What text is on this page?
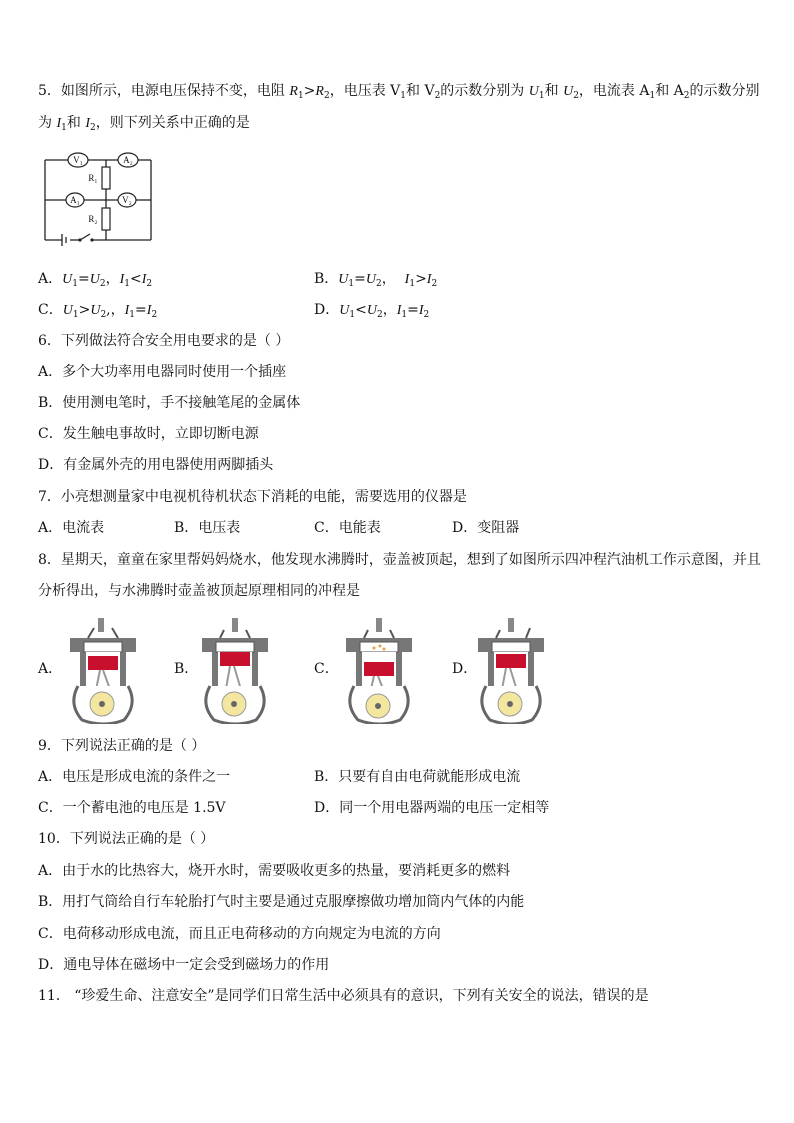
5．如图所示，电源电压保持不变，电阻 $R_1>R_2$，电压表 $V_1$和 $V_2$的示数分别为 $U_1$和 $U_2$，电流表 $A_1$和 $A_2$的示数分别
为 $I_1$和 $I_2$，则下列关系中正确的是
V₁	A₂
A₁	V₂
R₁
R₂
A．$U_1=U_2$，$I_1<I_2$	B．$U_1=U_2$，  $I_1>I_2$
C．$U_1>U_2$,，$I_1=I_2$	D．$U_1<U_2$，$I_1=I_2$
6．下列做法符合安全用电要求的是（ ）
A．多个大功率用电器同时使用一个插座
B．使用测电笔时，手不接触笔尾的金属体
C．发生触电事故时，立即切断电源
D．有金属外壳的用电器使用两脚插头
7．小亮想测量家中电视机待机状态下消耗的电能，需要选用的仪器是
A．电流表	B．电压表	C．电能表	D．变阻器
8．星期天，童童在家里帮妈妈烧水，他发现水沸腾时，壶盖被顶起，想到了如图所示四冲程汽油机工作示意图，并且
分析得出，与水沸腾时壶盖被顶起原理相同的冲程是
A．	B．	C．	D．
9．下列说法正确的是（ ）
A．电压是形成电流的条件之一	B．只要有自由电荷就能形成电流
C．一个蓄电池的电压是 1.5V	D．同一个用电器两端的电压一定相等
10．下列说法正确的是（ ）
A．由于水的比热容大，烧开水时，需要吸收更多的热量，要消耗更多的燃料
B．用打气筒给自行车轮胎打气时主要是通过克服摩擦做功增加筒内气体的内能
C．电荷移动形成电流，而且正电荷移动的方向规定为电流的方向
D．通电导体在磁场中一定会受到磁场力的作用
11． “珍爱生命、注意安全”是同学们日常生活中必须具有的意识，下列有关安全的说法，错误的是
